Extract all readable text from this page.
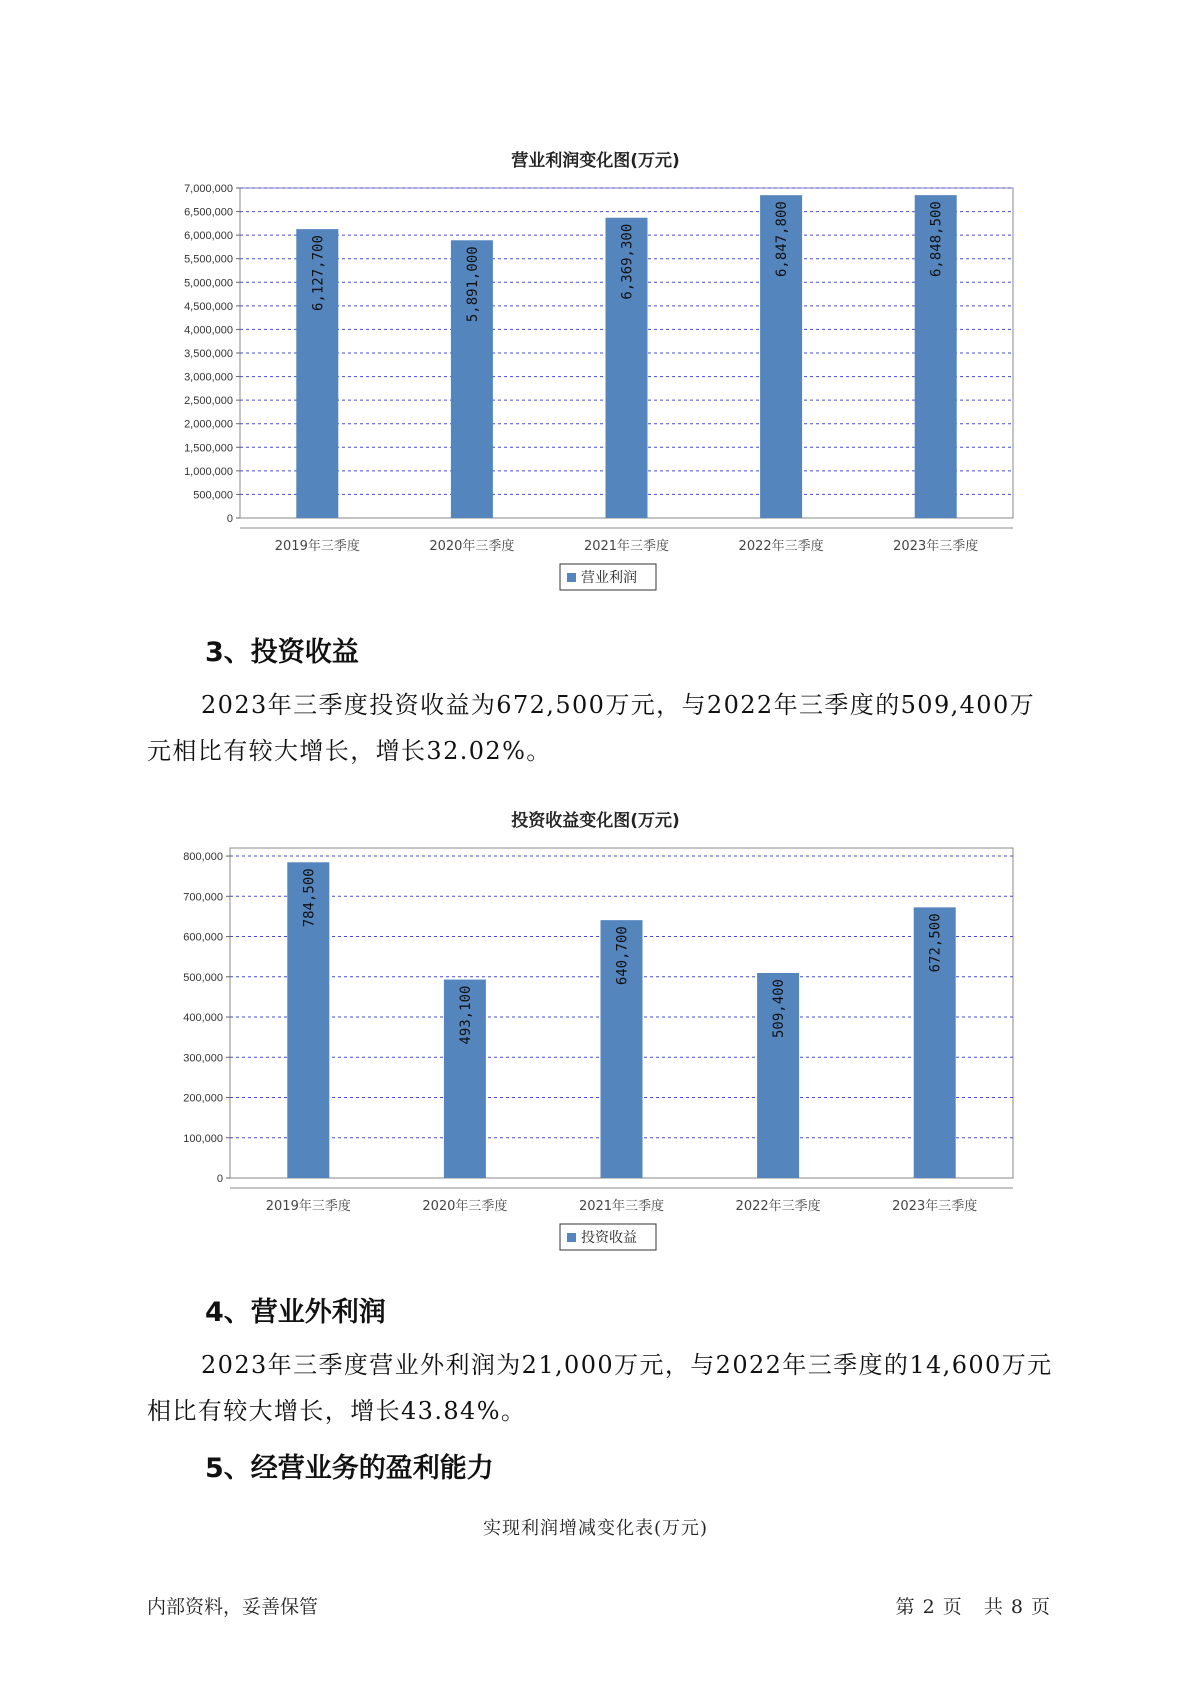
营业利润变化图(万元)
0
500,000
1,000,000
1,500,000
2,000,000
2,500,000
3,000,000
3,500,000
4,000,000
4,500,000
5,000,000
5,500,000
6,000,000
6,500,000
7,000,000
6,127,700
2019年三季度
5,891,000
2020年三季度
6,369,300
2021年三季度
6,847,800
2022年三季度
6,848,500
2023年三季度
营业利润
3、投资收益

2023年三季度投资收益为672,500万元，与2022年三季度的509,400万元相比有较大增长，增长32.02%。

投资收益变化图(万元)
0
100,000
200,000
300,000
400,000
500,000
600,000
700,000
800,000
784,500
2019年三季度
493,100
2020年三季度
640,700
2021年三季度
509,400
2022年三季度
672,500
2023年三季度
投资收益
4、营业外利润

2023年三季度营业外利润为21,000万元，与2022年三季度的14,600万元相比有较大增长，增长43.84%。

5、经营业务的盈利能力
实现利润增减变化表(万元)
内部资料，妥善保管	第 2 页   共 8 页
